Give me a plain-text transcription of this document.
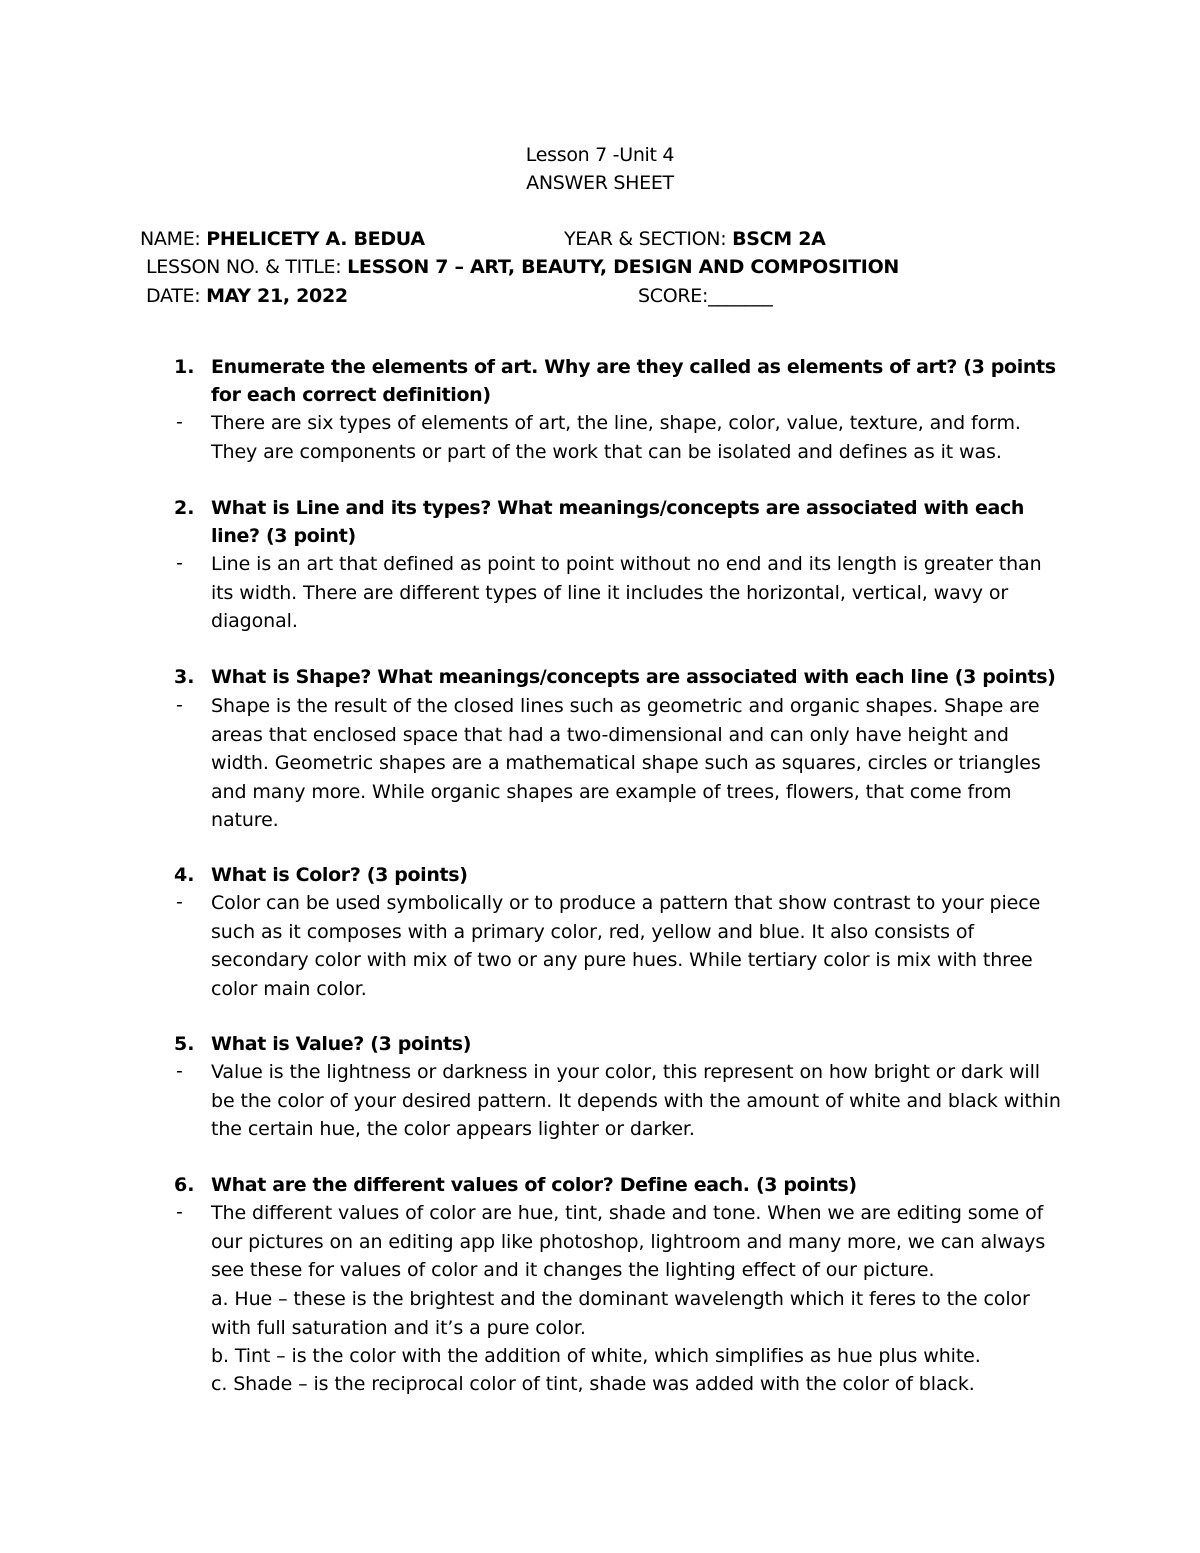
Lesson 7 -Unit 4
ANSWER SHEET
NAME: PHELICETY A. BEDUA	YEAR & SECTION: BSCM 2A
LESSON NO. & TITLE: LESSON 7 – ART, BEAUTY, DESIGN AND COMPOSITION
DATE: MAY 21, 2022	SCORE:_______
1. Enumerate the elements of art. Why are they called as elements of art? (3 points for each correct definition)
- There are six types of elements of art, the line, shape, color, value, texture, and form. They are components or part of the work that can be isolated and defines as it was.
2. What is Line and its types? What meanings/concepts are associated with each line? (3 point)
- Line is an art that defined as point to point without no end and its length is greater than its width. There are different types of line it includes the horizontal, vertical, wavy or diagonal.
3. What is Shape? What meanings/concepts are associated with each line (3 points)
- Shape is the result of the closed lines such as geometric and organic shapes. Shape are areas that enclosed space that had a two-dimensional and can only have height and width. Geometric shapes are a mathematical shape such as squares, circles or triangles and many more. While organic shapes are example of trees, flowers, that come from nature.
4. What is Color? (3 points)
- Color can be used symbolically or to produce a pattern that show contrast to your piece such as it composes with a primary color, red, yellow and blue. It also consists of secondary color with mix of two or any pure hues. While tertiary color is mix with three color main color.
5. What is Value? (3 points)
- Value is the lightness or darkness in your color, this represent on how bright or dark will be the color of your desired pattern. It depends with the amount of white and black within the certain hue, the color appears lighter or darker.
6. What are the different values of color? Define each. (3 points)
- The different values of color are hue, tint, shade and tone. When we are editing some of our pictures on an editing app like photoshop, lightroom and many more, we can always see these for values of color and it changes the lighting effect of our picture.
a. Hue – these is the brightest and the dominant wavelength which it feres to the color with full saturation and it’s a pure color.
b. Tint – is the color with the addition of white, which simplifies as hue plus white.
c. Shade – is the reciprocal color of tint, shade was added with the color of black.
